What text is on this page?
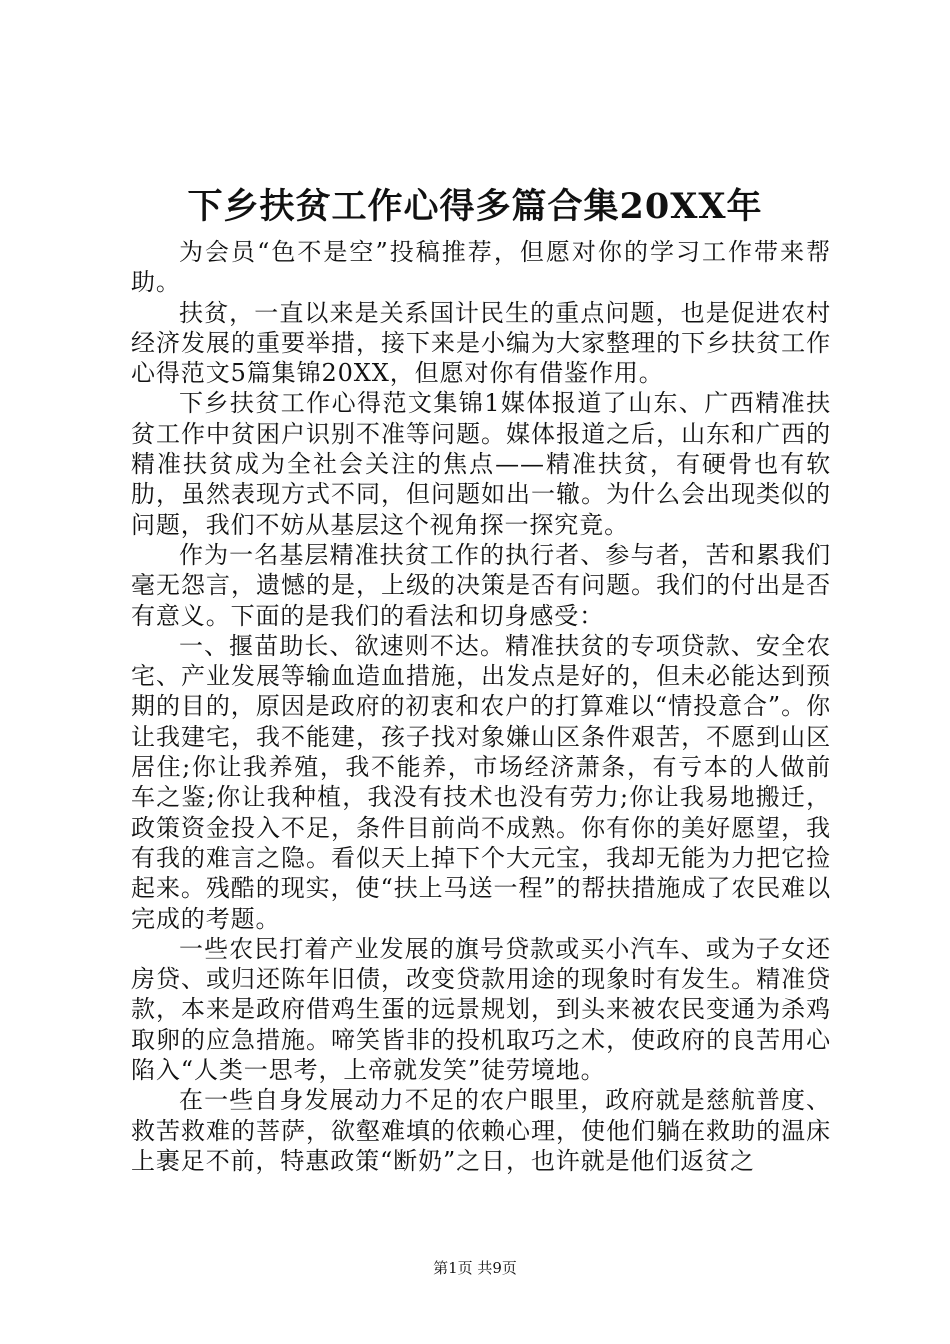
下乡扶贫工作心得多篇合集20XX年

为会员“色不是空”投稿推荐，但愿对你的学习工作带来帮助。

扶贫，一直以来是关系国计民生的重点问题，也是促进农村经济发展的重要举措，接下来是小编为大家整理的下乡扶贫工作心得范文5篇集锦20XX，但愿对你有借鉴作用。

下乡扶贫工作心得范文集锦1媒体报道了山东、广西精准扶贫工作中贫困户识别不准等问题。媒体报道之后，山东和广西的精准扶贫成为全社会关注的焦点——精准扶贫，有硬骨也有软肋，虽然表现方式不同，但问题如出一辙。为什么会出现类似的问题，我们不妨从基层这个视角探一探究竟。

作为一名基层精准扶贫工作的执行者、参与者，苦和累我们毫无怨言，遗憾的是，上级的决策是否有问题。我们的付出是否有意义。下面的是我们的看法和切身感受：

一、揠苗助长、欲速则不达。精准扶贫的专项贷款、安全农宅、产业发展等输血造血措施，出发点是好的，但未必能达到预期的目的，原因是政府的初衷和农户的打算难以“情投意合”。你让我建宅，我不能建，孩子找对象嫌山区条件艰苦，不愿到山区居住;你让我养殖，我不能养，市场经济萧条，有亏本的人做前车之鉴;你让我种植，我没有技术也没有劳力;你让我易地搬迁，政策资金投入不足，条件目前尚不成熟。你有你的美好愿望，我有我的难言之隐。看似天上掉下个大元宝，我却无能为力把它捡起来。残酷的现实，使“扶上马送一程”的帮扶措施成了农民难以完成的考题。

一些农民打着产业发展的旗号贷款或买小汽车、或为子女还房贷、或归还陈年旧债，改变贷款用途的现象时有发生。精准贷款，本来是政府借鸡生蛋的远景规划，到头来被农民变通为杀鸡取卵的应急措施。啼笑皆非的投机取巧之术，使政府的良苦用心陷入“人类一思考，上帝就发笑”徒劳境地。

在一些自身发展动力不足的农户眼里，政府就是慈航普度、救苦救难的菩萨，欲壑难填的依赖心理，使他们躺在救助的温床上裹足不前，特惠政策“断奶”之日，也许就是他们返贫之

第1页 共9页
